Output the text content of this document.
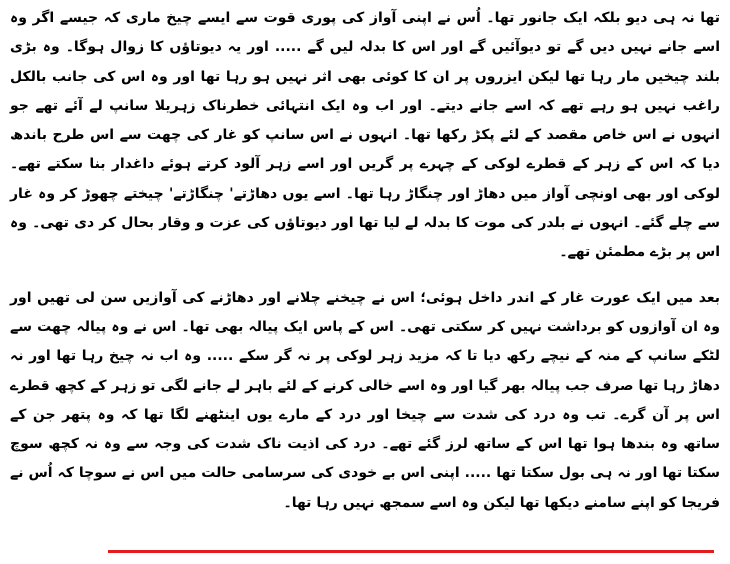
تھا نہ ہی دیو بلکہ ایک جانور تھا۔ اُس نے اپنی آواز کی پوری قوت سے ایسے چیخ ماری کہ جیسے اگر وہ اسے جانے نہیں دیں گے تو دیوآئیں گے اور اس کا بدلہ لیں گے ..... اور یہ دیوتاؤں کا زوال ہوگا۔ وہ بڑی بلند چیخیں مار رہا تھا لیکن ایزروں پر ان کا کوئی بھی اثر نہیں ہو رہا تھا اور وہ اس کی جانب بالکل راغب نہیں ہو رہے تھے کہ اسے جانے دیتے۔ اور اب وہ ایک انتہائی خطرناک زہریلا سانپ لے آئے تھے جو انہوں نے اس خاص مقصد کے لئے پکڑ رکھا تھا۔ انہوں نے اس سانپ کو غار کی چھت سے اس طرح باندھ دیا کہ اس کے زہر کے قطرے لوکی کے چہرے پر گریں اور اسے زہر آلود کرتے ہوئے داغدار بنا سکتے تھے۔ لوکی اور بھی اونچی آواز میں دھاڑ اور چنگاڑ رہا تھا۔ اسے یوں دھاڑتے' چنگاڑتے' چیختے چھوڑ کر وہ غار سے چلے گئے۔ انہوں نے بلدر کی موت کا بدلہ لے لیا تھا اور دیوتاؤں کی عزت و وقار بحال کر دی تھی۔ وہ اس پر بڑے مطمئن تھے۔

بعد میں ایک عورت غار کے اندر داخل ہوئی؛ اس نے چیخنے چلانے اور دھاڑنے کی آوازیں سن لی تھیں اور وہ ان آوازوں کو برداشت نہیں کر سکتی تھی۔ اس کے پاس ایک پیالہ بھی تھا۔ اس نے وہ پیالہ چھت سے لٹکے سانپ کے منہ کے نیچے رکھ دیا تا کہ مزید زہر لوکی پر نہ گر سکے ..... وہ اب نہ چیخ رہا تھا اور نہ دھاڑ رہا تھا صرف جب پیالہ بھر گیا اور وہ اسے خالی کرنے کے لئے باہر لے جانے لگی تو زہر کے کچھ قطرے اس پر آن گرے۔ تب وہ درد کی شدت سے چیخا اور درد کے مارے یوں اینٹھنے لگا تھا کہ وہ پتھر جن کے ساتھ وہ بندھا ہوا تھا اس کے ساتھ لرز گئے تھے۔ درد کی اذیت ناک شدت کی وجہ سے وہ نہ کچھ سوچ سکتا تھا اور نہ ہی بول سکتا تھا ..... اپنی اس بے خودی کی سرسامی حالت میں اس نے سوچا کہ اُس نے فریجا کو اپنے سامنے دیکھا تھا لیکن وہ اسے سمجھ نہیں رہا تھا۔
